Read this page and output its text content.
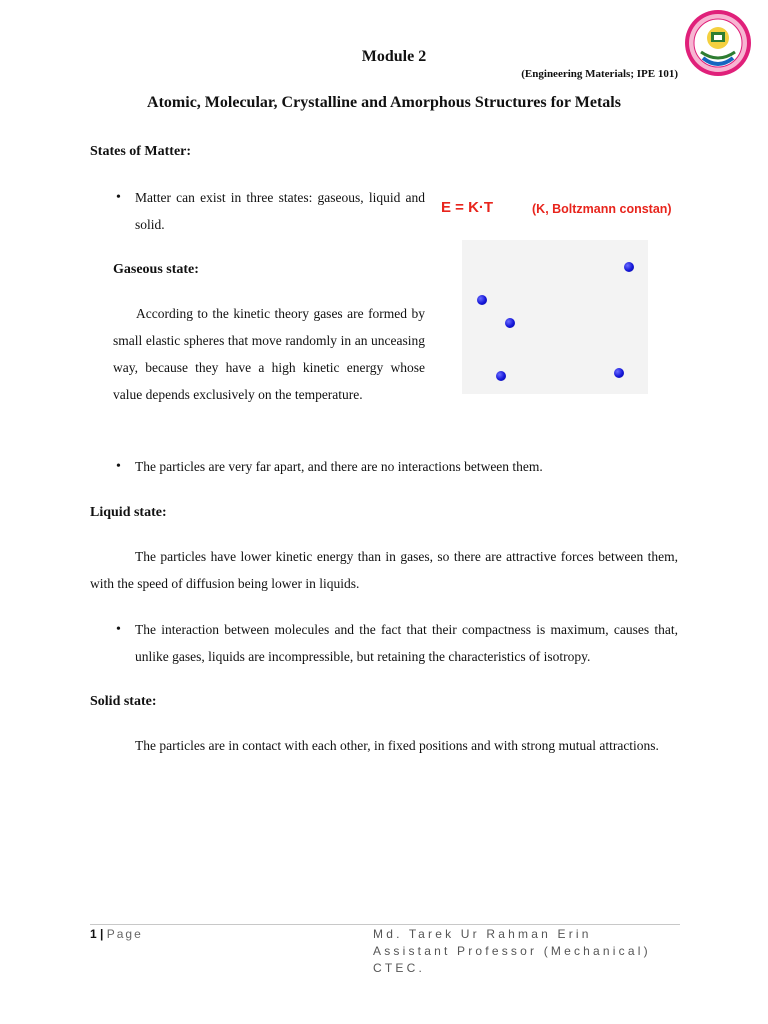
Module 2
(Engineering Materials; IPE 101)
Atomic, Molecular, Crystalline and Amorphous Structures for Metals
States of Matter:
• Matter can exist in three states: gaseous, liquid and solid.
E = K·T	(K, Boltzmann constan)
Gaseous state:
According to the kinetic theory gases are formed by small elastic spheres that move randomly in an unceasing way, because they have a high kinetic energy whose value depends exclusively on the temperature.
• The particles are very far apart, and there are no interactions between them.
Liquid state:
The particles have lower kinetic energy than in gases, so there are attractive forces between them, with the speed of diffusion being lower in liquids.
• The interaction between molecules and the fact that their compactness is maximum, causes that, unlike gases, liquids are incompressible, but retaining the characteristics of isotropy.
Solid state:
The particles are in contact with each other, in fixed positions and with strong mutual attractions.
1 | Page	Md. Tarek Ur Rahman Erin
Assistant Professor (Mechanical)
CTEC.
